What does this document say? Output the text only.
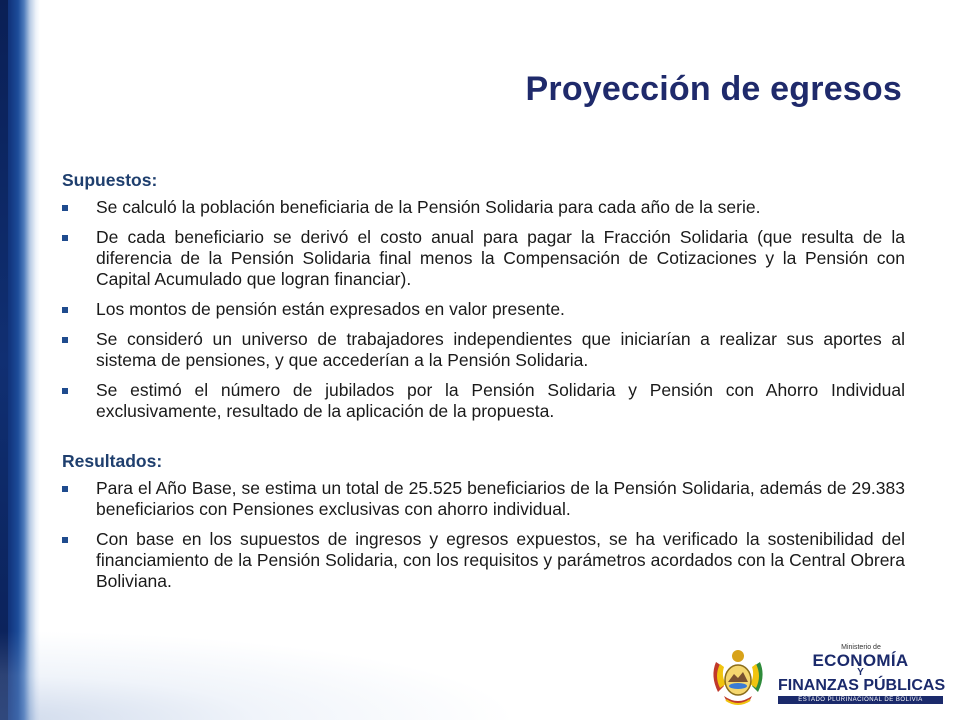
Proyección de egresos
Supuestos:
Se calculó la población beneficiaria de la Pensión Solidaria para cada año de la serie.
De cada beneficiario se derivó el costo anual para pagar la Fracción Solidaria (que resulta de la diferencia de la Pensión Solidaria final menos la Compensación de Cotizaciones y la Pensión con Capital Acumulado que logran financiar).
Los montos de pensión están expresados en valor presente.
Se consideró un universo de trabajadores independientes que iniciarían a realizar sus aportes al sistema de pensiones, y que accederían a la Pensión Solidaria.
Se estimó el número de jubilados por la Pensión Solidaria y Pensión con Ahorro Individual exclusivamente, resultado de la aplicación de la propuesta.
Resultados:
Para el Año Base, se estima un total de 25.525 beneficiarios de la Pensión Solidaria, además de 29.383 beneficiarios con Pensiones exclusivas con ahorro individual.
Con base en los supuestos de ingresos y egresos expuestos, se ha verificado la sostenibilidad del financiamiento de la Pensión Solidaria, con los requisitos y parámetros acordados con la Central Obrera Boliviana.
Ministerio de
ECONOMÍA
Y
FINANZAS PÚBLICAS
ESTADO PLURINACIONAL DE BOLIVIA
